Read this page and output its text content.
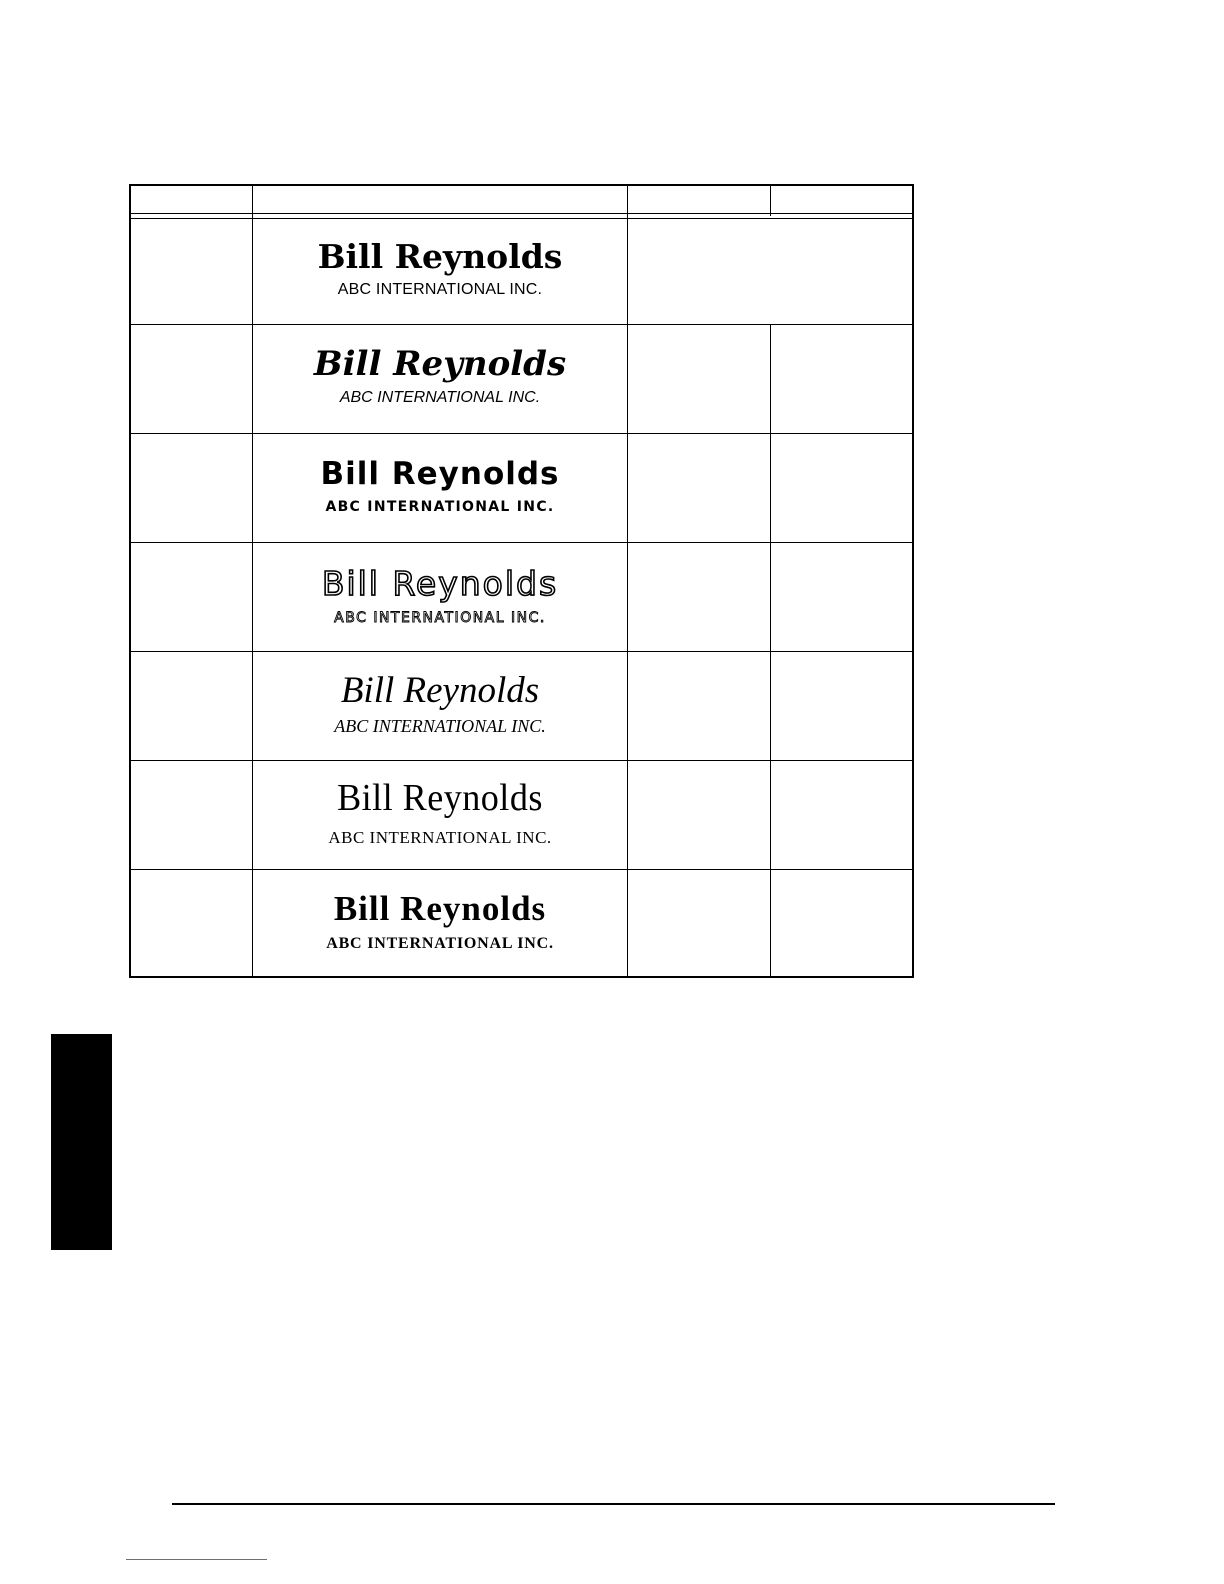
Bill Reynolds
ABC INTERNATIONAL INC.
Bill Reynolds
ABC INTERNATIONAL INC.
Bill Reynolds
ABC INTERNATIONAL INC.
Bill Reynolds
ABC INTERNATIONAL INC.
Bill Reynolds
ABC INTERNATIONAL INC.
Bill Reynolds
ABC INTERNATIONAL INC.
Bill Reynolds
ABC INTERNATIONAL INC.
